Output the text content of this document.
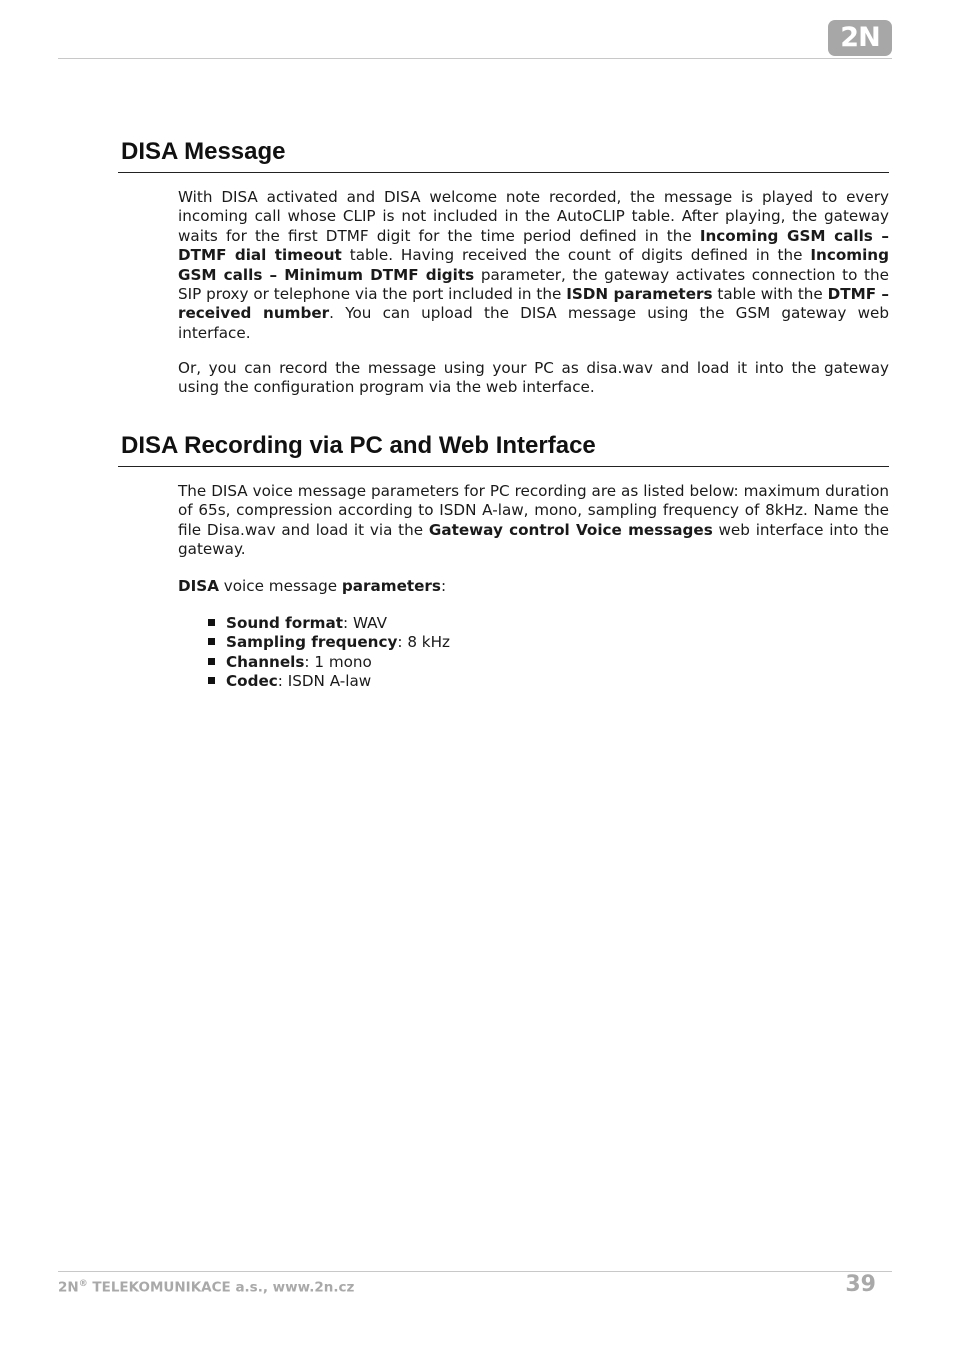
2N
DISA Message

With DISA activated and DISA welcome note recorded, the message is played to every incoming call whose CLIP is not included in the AutoCLIP table. After playing, the gateway waits for the first DTMF digit for the time period defined in the Incoming GSM calls – DTMF dial timeout table. Having received the count of digits defined in the Incoming GSM calls – Minimum DTMF digits parameter, the gateway activates connection to the SIP proxy or telephone via the port included in the ISDN parameters table with the DTMF – received number. You can upload the DISA message using the GSM gateway web interface.

Or, you can record the message using your PC as disa.wav and load it into the gateway using the configuration program via the web interface.

DISA Recording via PC and Web Interface

The DISA voice message parameters for PC recording are as listed below: maximum duration of 65s, compression according to ISDN A-law, mono, sampling frequency of 8kHz. Name the file Disa.wav and load it via the Gateway control Voice messages web interface into the gateway.

DISA voice message parameters:

Sound format: WAV
Sampling frequency: 8 kHz
Channels: 1 mono
Codec: ISDN A-law
2N® TELEKOMUNIKACE a.s., www.2n.cz	39
